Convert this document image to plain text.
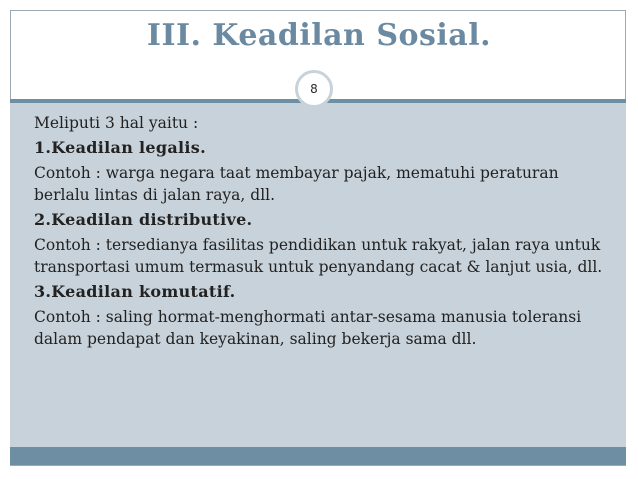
III. Keadilan Sosial.
8

Meliputi 3 hal yaitu :

1.Keadilan legalis.

Contoh : warga negara taat membayar pajak, mematuhi peraturan berlalu lintas di jalan raya, dll.

2.Keadilan distributive.

Contoh : tersedianya fasilitas pendidikan untuk rakyat, jalan raya untuk transportasi umum termasuk untuk penyandang cacat & lanjut usia, dll.

3.Keadilan komutatif.

Contoh : saling hormat-menghormati antar-sesama manusia toleransi dalam pendapat dan keyakinan, saling bekerja sama dll.
